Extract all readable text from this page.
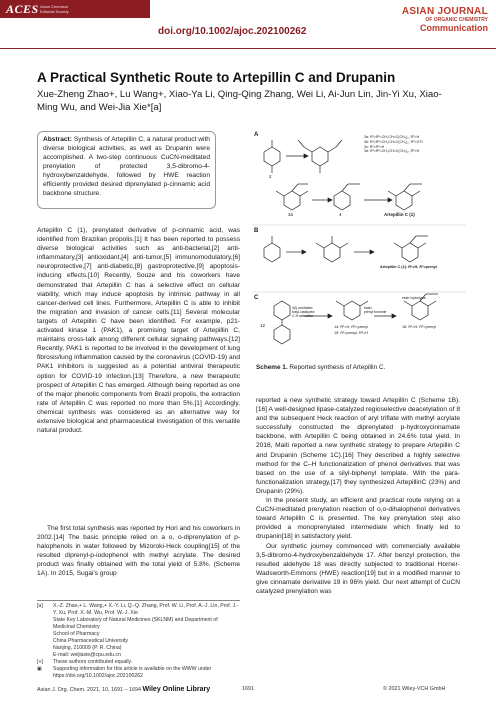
ACES Asian Chemical Editorial Society
doi.org/10.1002/ajoc.202100262
ASIAN JOURNAL
OF ORGANIC CHEMISTRY
Communication
A Practical Synthetic Route to Artepillin C and Drupanin
Xue-Zheng Zhao+, Lu Wang+, Xiao-Ya Li, Qing-Qing Zhang, Wei Li, Ai-Jun Lin, Jin-Yi Xu, Xiao-Ming Wu, and Wei-Jia Xie*[a]

Abstract: Synthesis of Artepillin C, a natural product with diverse biological activities, as well as Drupanin were accomplished. A two-step continuous CuCN-meditated prenylation of protected 3,5-dibromo-4-hydroxybenzaldehyde, followed by HWE reaction efficiently provided desired diprenylated p-cinnamic acid backbone structure.

A
B
C
2
3a	4	Artepillin C (1)
3a: R¹=R²=CH₂CH=C(CH₃)₂, R³=H
3b: R¹=R²=CH₂CH=C(CH₃)₂, R³=OTf
3c: R¹=R²=H
3d: R¹=R²=CH₂CH=C(CH₃)₂, R³=H
Artepillin C (1): R¹=H, R²=prenyl
Ir(I)-mediated
tosyl-catalyzed
C-H activation
basic
prenyl bromide
ester hydrolysis
12	14: R¹=H, R²=prenyl
15: R¹=prenyl, R²=H
16: R¹=H, R²=prenyl
Scheme 1. Reported synthesis of Artepillin C.

Artepillin C (1), prenylated derivative of p-cinnamic acid, was identified from Brazilian propolis.[1] It has been reported to possess diverse biological activities such as anti-bacterial,[2] anti-inflammatory,[3] antioxidant,[4] anti-tumor,[5] immunomodulatory,[6] neuroprotective,[7] anti-diabetic,[8] gastroprotective,[9] apoptosis-inducing effects.[10] Recently, Souze and his coworkers have demonstrated that Artepillin C has a selective effect on cellular viability, which may induce apoptosis by intrinsic pathway in all cancer-derived cell lines. Furthermore, Artepillin C is able to inhibit the migration and invasion of cancer cells.[11] Several molecular targets of Artepillin C have been identified. For example, p21-activated kinase 1 (PAK1), a promising target of Artepillin C, maintains cross-talk among different cellular signaling pathways.[12] Recently, PAK1 is reported to be involved in the development of lung fibrosis/lung inflammation caused by the coronavirus (COVID-19) and PAK1 inhibitors is suggested as a potential antiviral therapeutic option for COVID-19 infection.[13] Therefore, a new therapeutic prospect of Artepillin C has emerged. Although being reported as one of the major phenolic components from Brazil propolis, the extraction rate of Artepillin C was reported no more than 5%.[1] Accordingly, chemical synthesis was considered as an alternative way for extensive biological and pharmaceutical investigation of this versatile natural product.

The first total synthesis was reported by Hori and his coworkers in 2002.[14] The basic principle relied on a o, o-diprenylation of p-halophenols in water followed by Mizoroki-Heck coupling[15] of the resulted diprenyl-p-iodophenol with methyl acrylate. The desired product was finally obtained with the total yield of 5.8%. (Scheme 1A). In 2015, Sugai's group

reported a new synthetic strategy toward Artepillin C (Scheme 1B).[16] A well-designed lipase-catalyzed regioselective deacetylation of 8 and the subsequent Heck reaction of aryl triflate with methyl acrylate successfully constructed the diprenylated p-hydroxycinnamate backbone, with Artepillin C being obtained in 24.6% total yield. In 2016, Maiti reported a new synthetic strategy to prepare Artepillin C and Drupanin (Scheme 1C).[16] They described a highly selective method for the C–H functionalization of phenol derivatives that was based on the use of a silyl-biphenyl template. With the para-functionalization strategy,[17] they synthesized ArtepillinC (23%) and Drupanin (29%).

In the present study, an efficient and practical route relying on a CuCN-meditated prenylation reaction of o,o-dihalophenol derivatives toward Artepillin C is presented. The key prenylation step also provided a monoprenylated intermediate which finally led to drupanin[18] in satisfactory yield.

Our synthetic journey commenced with commercially available 3,5-dibromo-4-hydroxybenzaldehyde 17. After benzyl protection, the resulted aldehyde 18 was directly subjected to traditional Horner-Wadsworth-Emmons (HWE) reaction[19] but in a modified manner to give cinnamate derivative 19 in 96% yield. Our next attempt of CuCN catalyzed prenylation was

[a]	X.-Z. Zhao,+ L. Wang,+ X.-Y. Li, Q.-Q. Zhang, Prof. W. Li, Prof. A.-J. Lin, Prof. J.-Y. Xu, Prof. X.-M. Wu, Prof. W.-J. Xie
State Key Laboratory of Natural Medicines (SKLNM) and Department of Medicinal Chemistry
School of Pharmacy
China Pharmaceutical University
Nanjing, 210009 (P. R. China)
E-mail: weijiaxie@cpu.edu.cn
[+]	These authors contributed equally.
▣	Supporting information for this article is available on the WWW under https://doi.org/10.1002/ajoc.202100262
Asian J. Org. Chem. 2021, 10, 1691 – 1694 Wiley Online Library	1691	© 2021 Wiley-VCH GmbH
